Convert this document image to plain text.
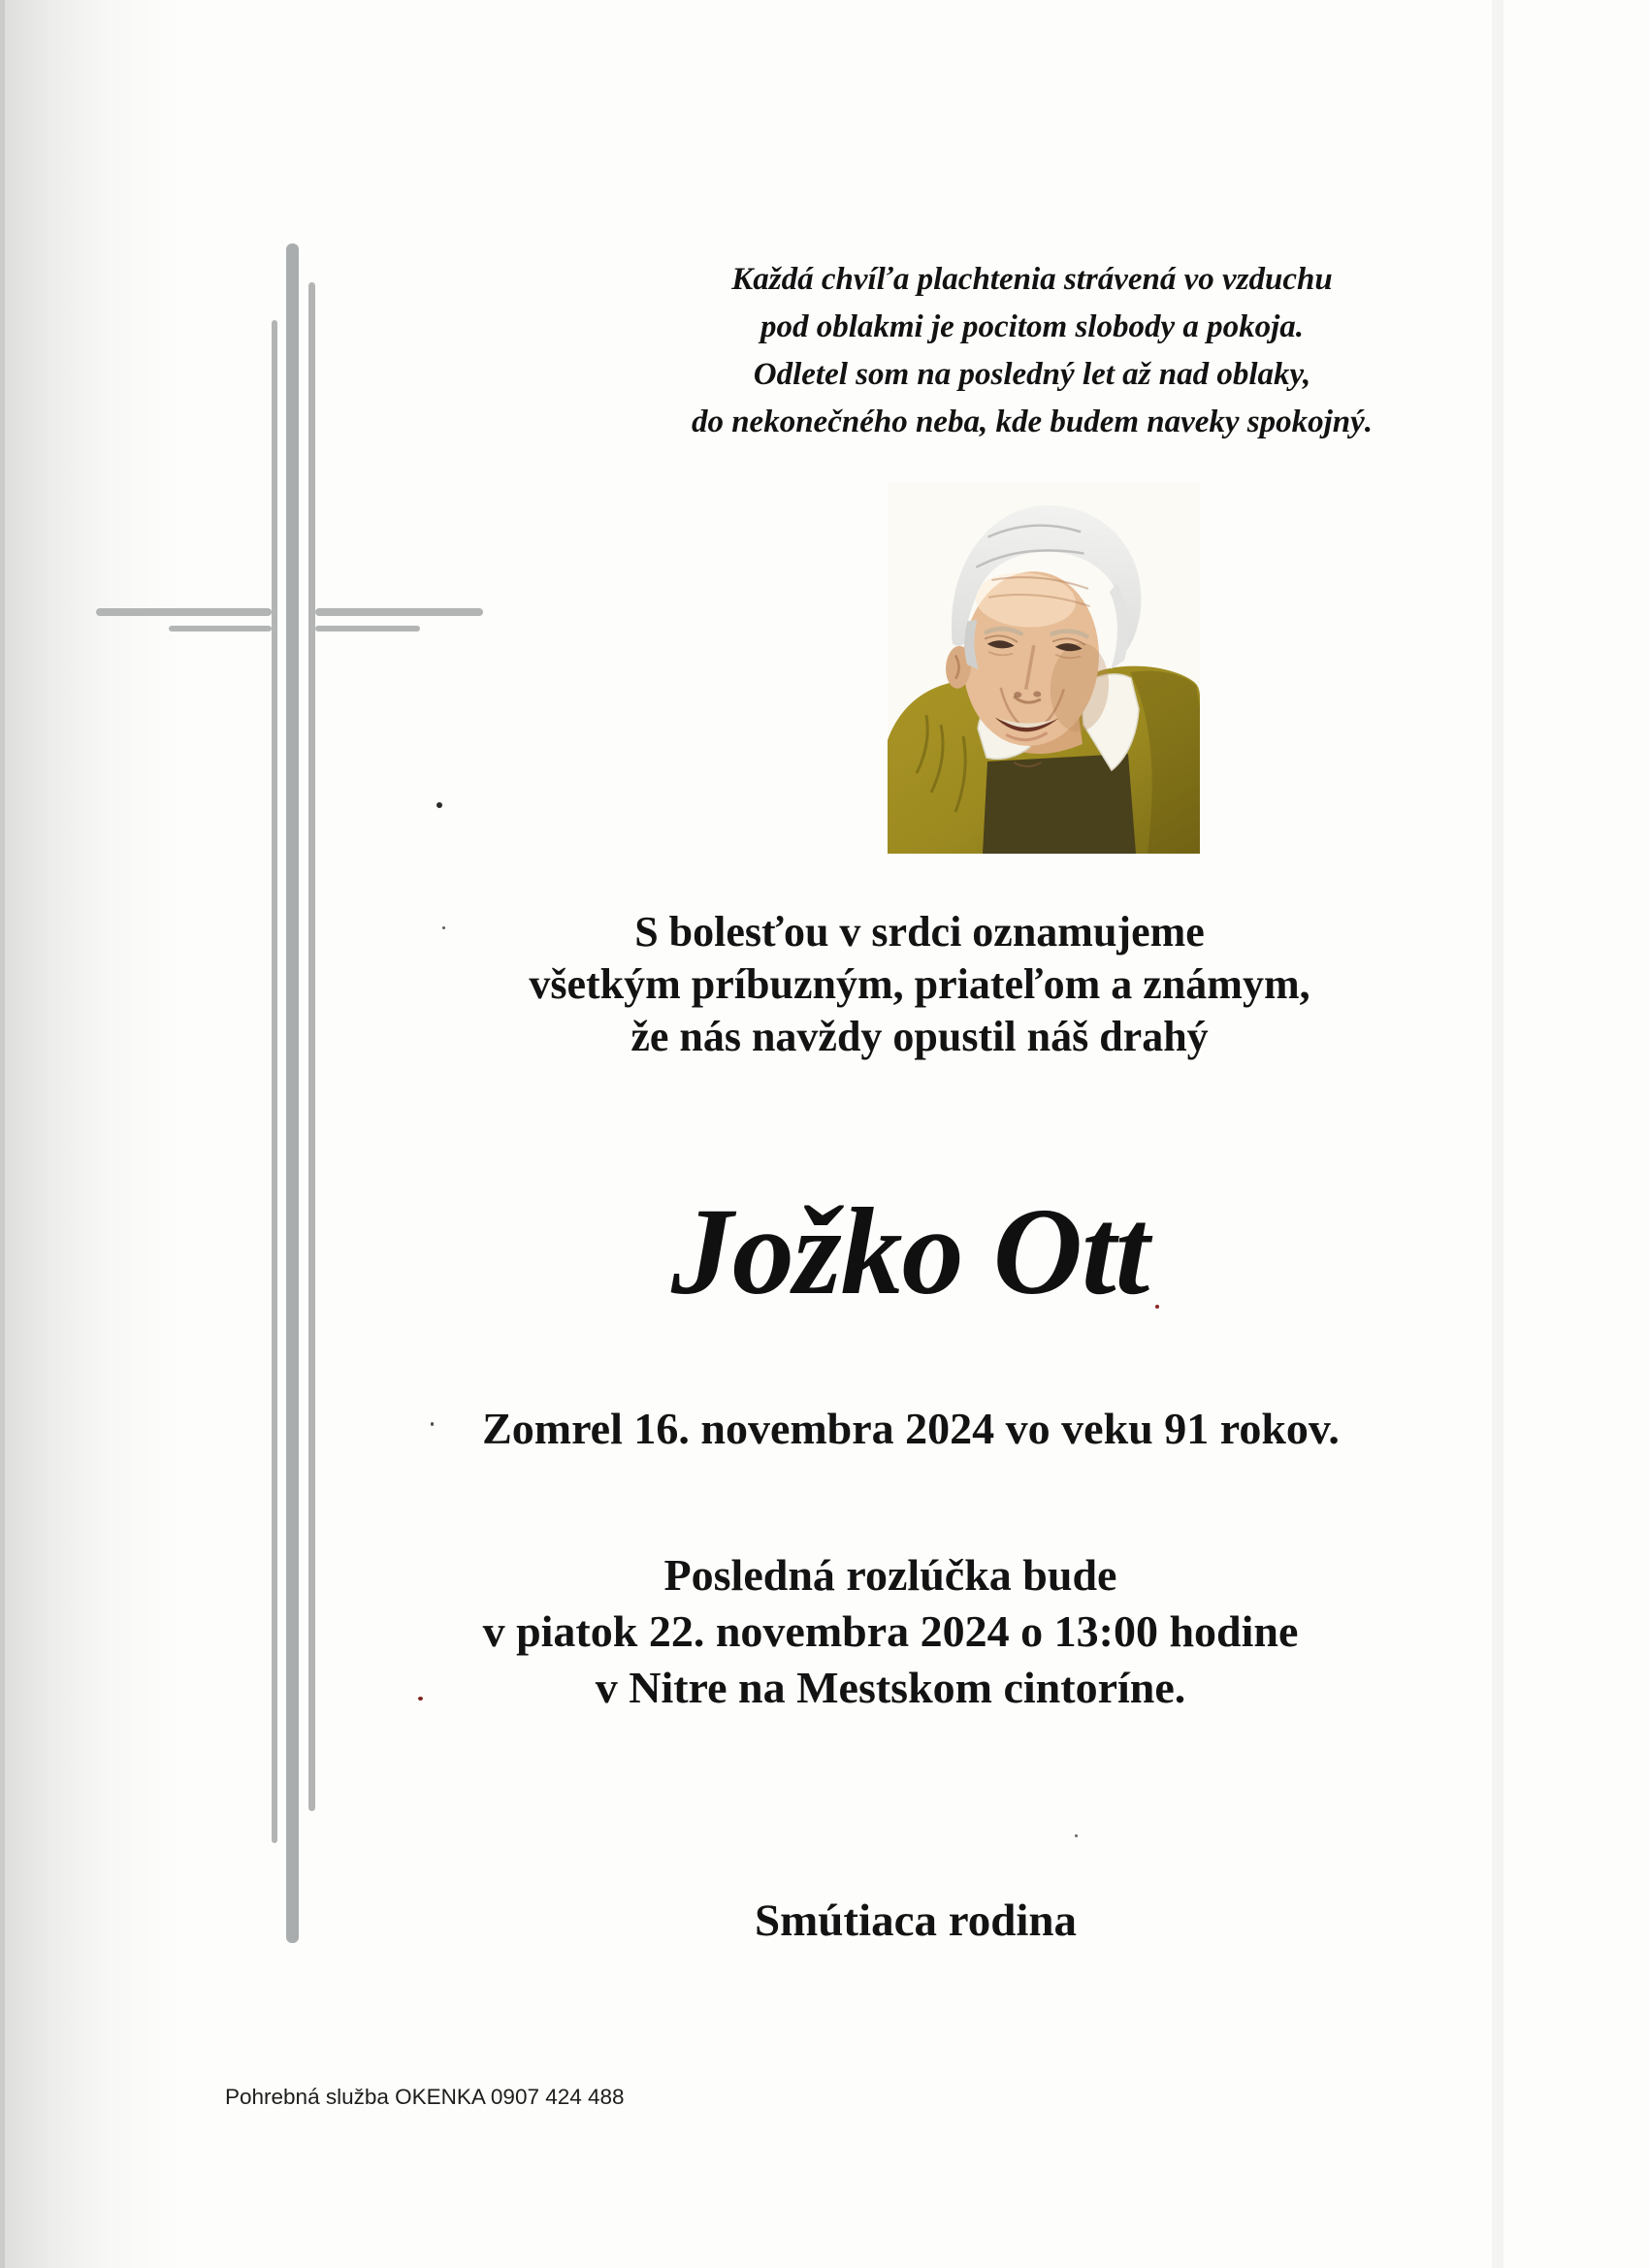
Každá chvíľa plachtenia strávená vo vzduchu
pod oblakmi je pocitom slobody a pokoja.
Odletel som na posledný let až nad oblaky,
do nekonečného neba, kde budem naveky spokojný.
S bolesťou v srdci oznamujeme
všetkým príbuzným, priateľom a známym,
že nás navždy opustil náš drahý
Jožko Ott
Zomrel 16. novembra 2024 vo veku 91 rokov.
Posledná rozlúčka bude
v piatok 22. novembra 2024 o 13:00 hodine
v Nitre na Mestskom cintoríne.
Smútiaca rodina
Pohrebná služba OKENKA 0907 424 488
